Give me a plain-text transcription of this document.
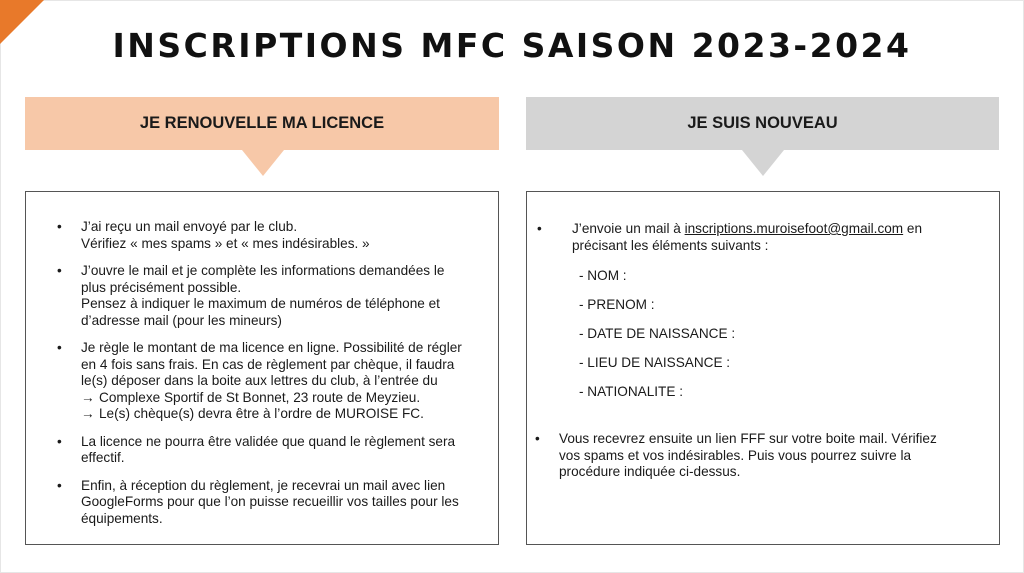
INSCRIPTIONS MFC SAISON 2023-2024
JE RENOUVELLE MA LICENCE	JE SUIS NOUVEAU
• J’ai reçu un mail envoyé par le club.
Vérifiez « mes spams » et « mes indésirables. »
• J’ouvre le mail et je complète les informations demandées le
plus précisément possible.
Pensez à indiquer le maximum de numéros de téléphone et
d’adresse mail (pour les mineurs)
• Je règle le montant de ma licence en ligne. Possibilité de régler
en 4 fois sans frais. En cas de règlement par chèque, il faudra
le(s) déposer dans la boite aux lettres du club, à l’entrée du
→ Complexe Sportif de St Bonnet, 23 route de Meyzieu.
→ Le(s) chèque(s) devra être à l’ordre de MUROISE FC.
• La licence ne pourra être validée que quand le règlement sera
effectif.
• Enfin, à réception du règlement, je recevrai un mail avec lien
GoogleForms pour que l’on puisse recueillir vos tailles pour les
équipements.
• J’envoie un mail à inscriptions.muroisefoot@gmail.com en
précisant les éléments suivants :
- NOM :
- PRENOM :
- DATE DE NAISSANCE :
- LIEU DE NAISSANCE :
- NATIONALITE :
• Vous recevrez ensuite un lien FFF sur votre boite mail. Vérifiez
vos spams et vos indésirables. Puis vous pourrez suivre la
procédure indiquée ci-dessus.
